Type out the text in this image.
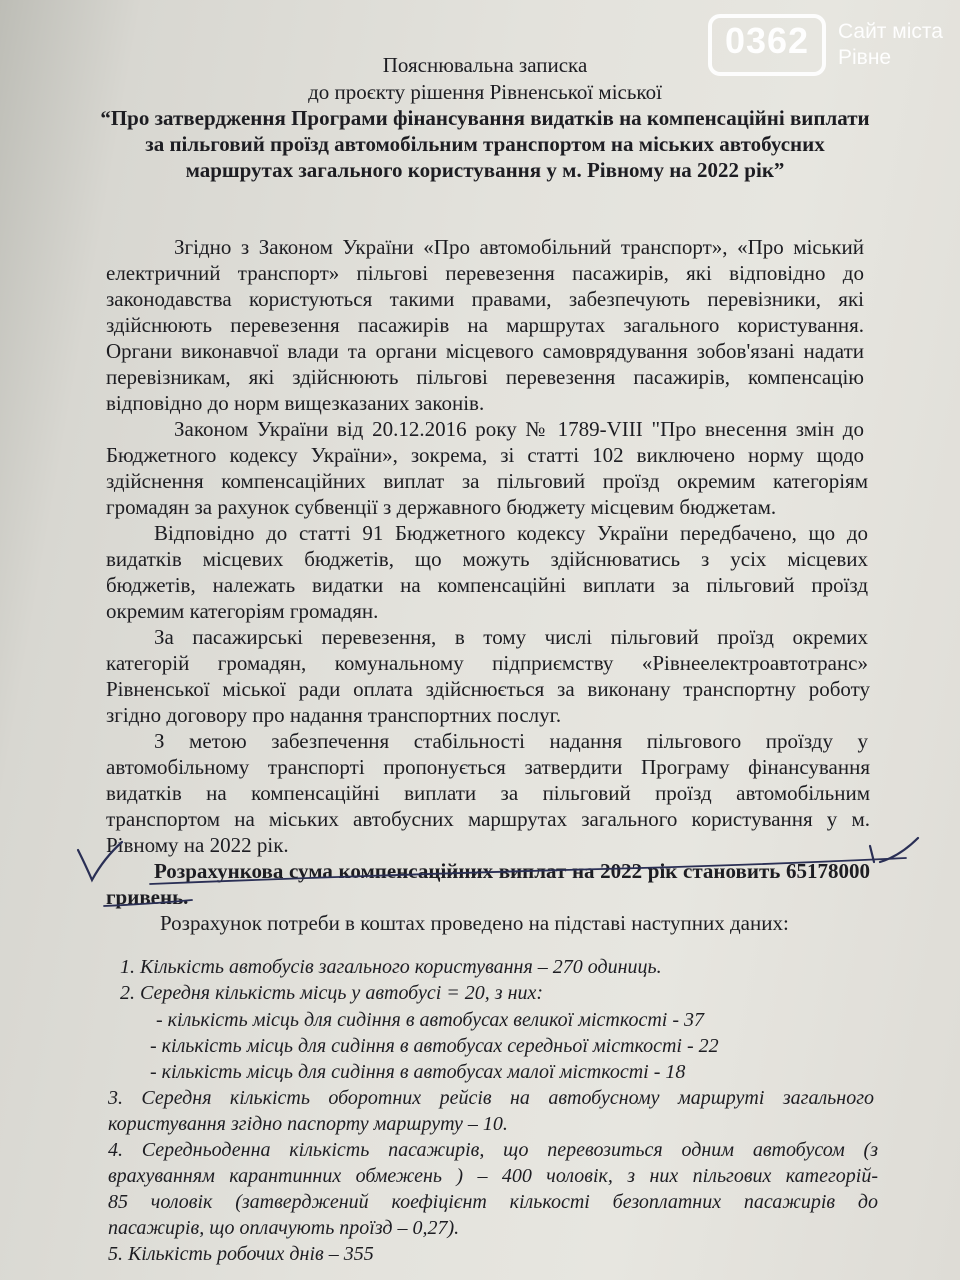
0362	Сайт міста
Рівне
Пояснювальна записка
до проєкту рішення Рівненської міської
“Про затвердження Програми фінансування видатків на компенсаційні виплати
за пільговий проїзд автомобільним транспортом на міських автобусних
маршрутах загального користування у м. Рівному на 2022 рік”
Згідно з Законом України «Про автомобільний транспорт», «Про міський
електричний транспорт» пільгові перевезення пасажирів, які відповідно до
законодавства користуються такими правами, забезпечують перевізники, які
здійснюють перевезення пасажирів на маршрутах загального користування.
Органи виконавчої влади та органи місцевого самоврядування зобов'язані надати
перевізникам, які здійснюють пільгові перевезення пасажирів, компенсацію
відповідно до норм вищезказаних законів.
Законом України від 20.12.2016 року № 1789-VIII "Про внесення змін до
Бюджетного кодексу України», зокрема, зі статті 102 виключено норму щодо
здійснення компенсаційних виплат за пільговий проїзд окремим категоріям
громадян за рахунок субвенції з державного бюджету місцевим бюджетам.
Відповідно до статті 91 Бюджетного кодексу України передбачено, що до
видатків місцевих бюджетів, що можуть здійснюватись з усіх місцевих
бюджетів, належать видатки на компенсаційні виплати за пільговий проїзд
окремим категоріям громадян.
За пасажирські перевезення, в тому числі пільговий проїзд окремих
категорій громадян, комунальному підприємству «Рівнеелектроавтотранс»
Рівненської міської ради оплата здійснюється за виконану транспортну роботу
згідно договору про надання транспортних послуг.
З метою забезпечення стабільності надання пільгового проїзду у
автомобільному транспорті пропонується затвердити Програму фінансування
видатків на компенсаційні виплати за пільговий проїзд автомобільним
транспортом на міських автобусних маршрутах загального користування у м.
Рівному на 2022 рік.
Розрахункова сума компенсаційних виплат на 2022 рік становить 65178000
гривень.
Розрахунок потреби в коштах проведено на підставі наступних даних:
1. Кількість автобусів загального користування – 270 одиниць.
2. Середня кількість місць у автобусі = 20, з них:
- кількість місць для сидіння в автобусах великої місткості - 37
- кількість місць для сидіння в автобусах середньої місткості - 22
- кількість місць для сидіння в автобусах малої місткості - 18
3. Середня кількість оборотних рейсів на автобусному маршруті загального
користування згідно паспорту маршруту – 10.
4. Середньоденна кількість пасажирів, що перевозиться одним автобусом (з
врахуванням карантинних обмежень ) – 400 чоловік, з них пільгових категорій-
85 чоловік (затверджений коефіцієнт кількості безоплатних пасажирів до
пасажирів, що оплачують проїзд – 0,27).
5. Кількість робочих днів – 355
